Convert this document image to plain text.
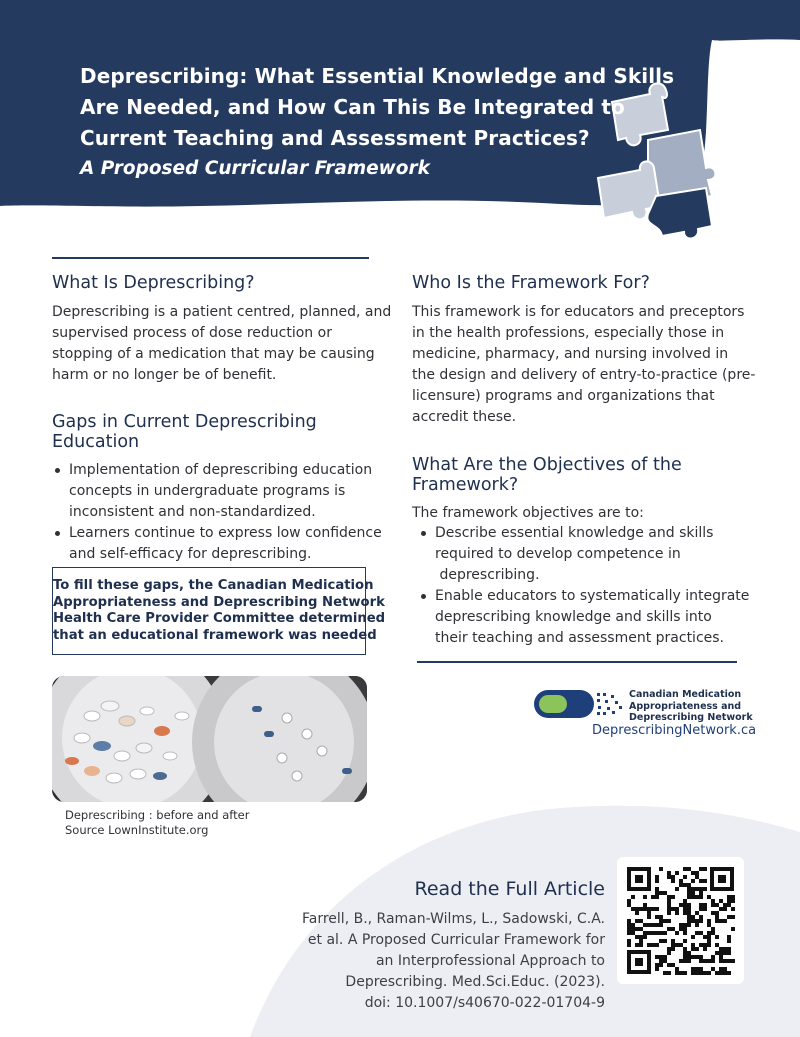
Deprescribing: What Essential Knowledge and Skills
Are Needed, and How Can This Be Integrated to
Current Teaching and Assessment Practices?
A Proposed Curricular Framework
What Is Deprescribing?
Deprescribing is a patient centred, planned, and
supervised process of dose reduction or
stopping of a medication that may be causing
harm or no longer be of benefit.
Gaps in Current Deprescribing
Education
Implementation of deprescribing education
concepts in undergraduate programs is
inconsistent and non-standardized.
Learners continue to express low confidence
and self-efficacy for deprescribing.
To fill these gaps, the Canadian Medication
Appropriateness and Deprescribing Network
Health Care Provider Committee determined
that an educational framework was needed
Deprescribing : before and after
Source LownInstitute.org
Who Is the Framework For?
This framework is for educators and preceptors
in the health professions, especially those in
medicine, pharmacy, and nursing involved in
the design and delivery of entry-to-practice (pre-
licensure) programs and organizations that
accredit these.
What Are the Objectives of the
Framework?
The framework objectives are to:
Describe essential knowledge and skills
required to develop competence in
deprescribing.
Enable educators to systematically integrate
deprescribing knowledge and skills into
their teaching and assessment practices.
Canadian Medication
Appropriateness and
Deprescribing Network
DeprescribingNetwork.ca
Read the Full Article
Farrell, B., Raman-Wilms, L., Sadowski, C.A.
et al. A Proposed Curricular Framework for
an Interprofessional Approach to
Deprescribing. Med.Sci.Educ. (2023).
doi: 10.1007/s40670-022-01704-9
